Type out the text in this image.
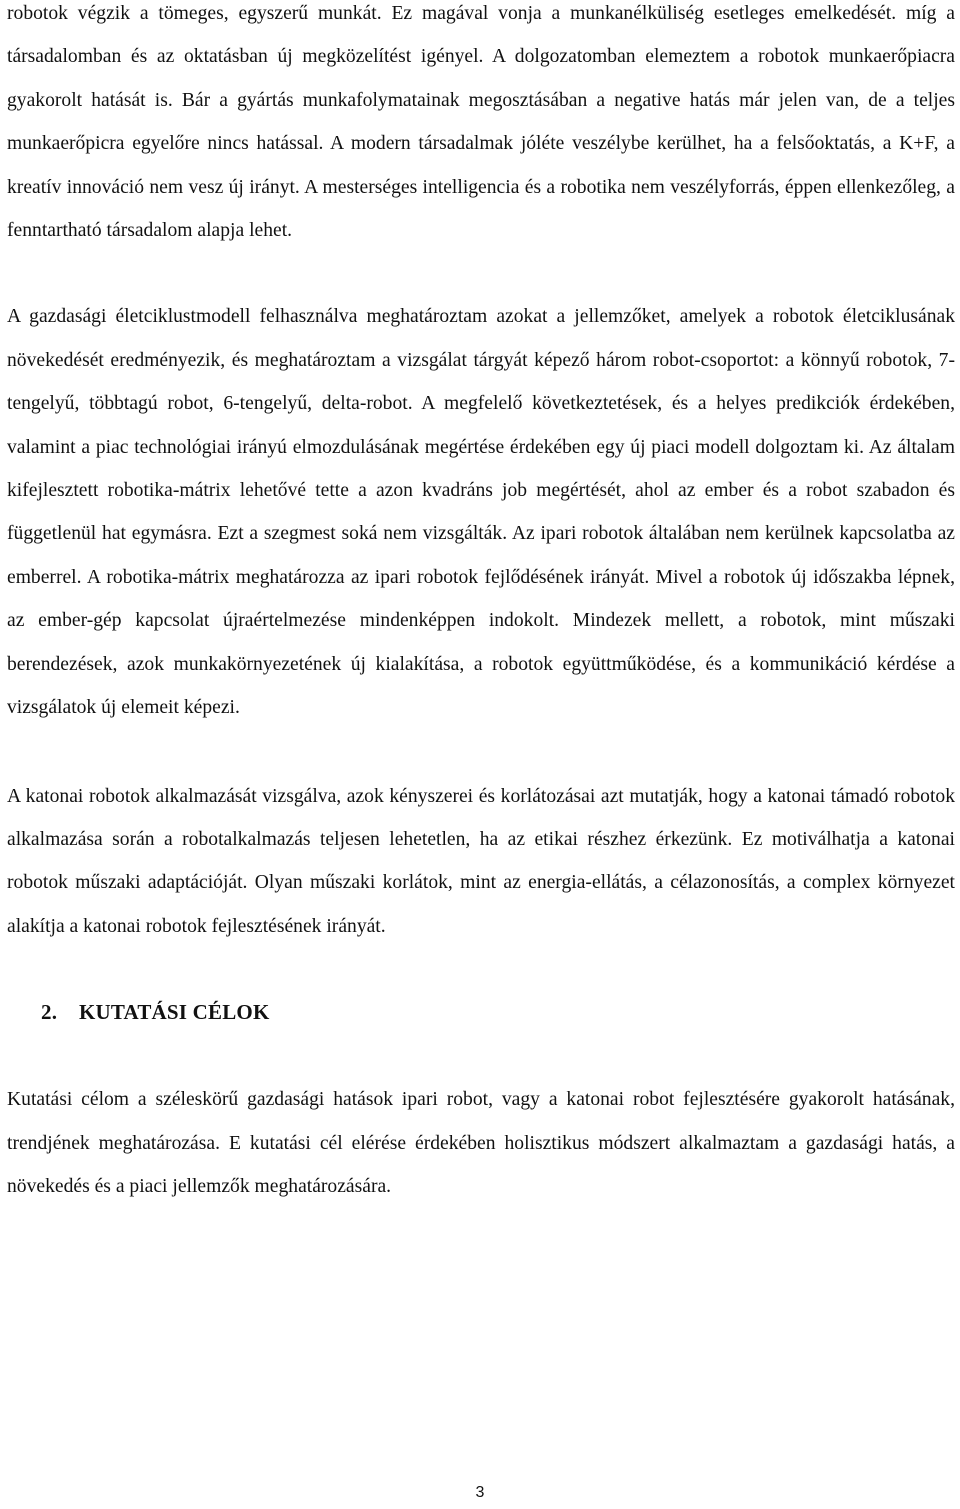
robotok végzik a tömeges, egyszerű munkát. Ez magával vonja a munkanélküliség esetleges emelkedését. míg a társadalomban és az oktatásban új megközelítést igényel. A dolgozatomban elemeztem a robotok munkaerőpiacra gyakorolt hatását is. Bár a gyártás munkafolymatainak megosztásában a negative hatás már jelen van, de a teljes munkaerőpicra egyelőre nincs hatással. A modern társadalmak jóléte veszélybe kerülhet, ha a felsőoktatás, a K+F, a kreatív innováció nem vesz új irányt. A mesterséges intelligencia és a robotika nem veszélyforrás, éppen ellenkezőleg, a fenntartható társadalom alapja lehet.

A gazdasági életciklustmodell felhasználva meghatároztam azokat a jellemzőket, amelyek a robotok életciklusának növekedését eredményezik, és meghatároztam a vizsgálat tárgyát képező három robot-csoportot: a könnyű robotok, 7-tengelyű, többtagú robot, 6-tengelyű, delta-robot. A megfelelő következtetések, és a helyes predikciók érdekében, valamint a piac technológiai irányú elmozdulásának megértése érdekében egy új piaci modell dolgoztam ki. Az általam kifejlesztett robotika-mátrix lehetővé tette a azon kvadráns job megértését, ahol az ember és a robot szabadon és függetlenül hat egymásra. Ezt a szegmest soká nem vizsgálták. Az ipari robotok általában nem kerülnek kapcsolatba az emberrel. A robotika-mátrix meghatározza az ipari robotok fejlődésének irányát. Mivel a robotok új időszakba lépnek, az ember-gép kapcsolat újraértelmezése mindenképpen indokolt. Mindezek mellett, a robotok, mint műszaki berendezések, azok munkakörnyezetének új kialakítása, a robotok együttműködése, és a kommunikáció kérdése a vizsgálatok új elemeit képezi.

A katonai robotok alkalmazását vizsgálva, azok kényszerei és korlátozásai azt mutatják, hogy a katonai támadó robotok alkalmazása során a robotalkalmazás teljesen lehetetlen, ha az etikai részhez érkezünk. Ez motiválhatja a katonai robotok műszaki adaptációját. Olyan műszaki korlátok, mint az energia-ellátás, a célazonosítás, a complex környezet alakítja a katonai robotok fejlesztésének irányát.

2. KUTATÁSI CÉLOK

Kutatási célom a széleskörű gazdasági hatások ipari robot, vagy a katonai robot fejlesztésére gyakorolt hatásának, trendjének meghatározása. E kutatási cél elérése érdekében holisztikus módszert alkalmaztam a gazdasági hatás, a növekedés és a piaci jellemzők meghatározására.

3
